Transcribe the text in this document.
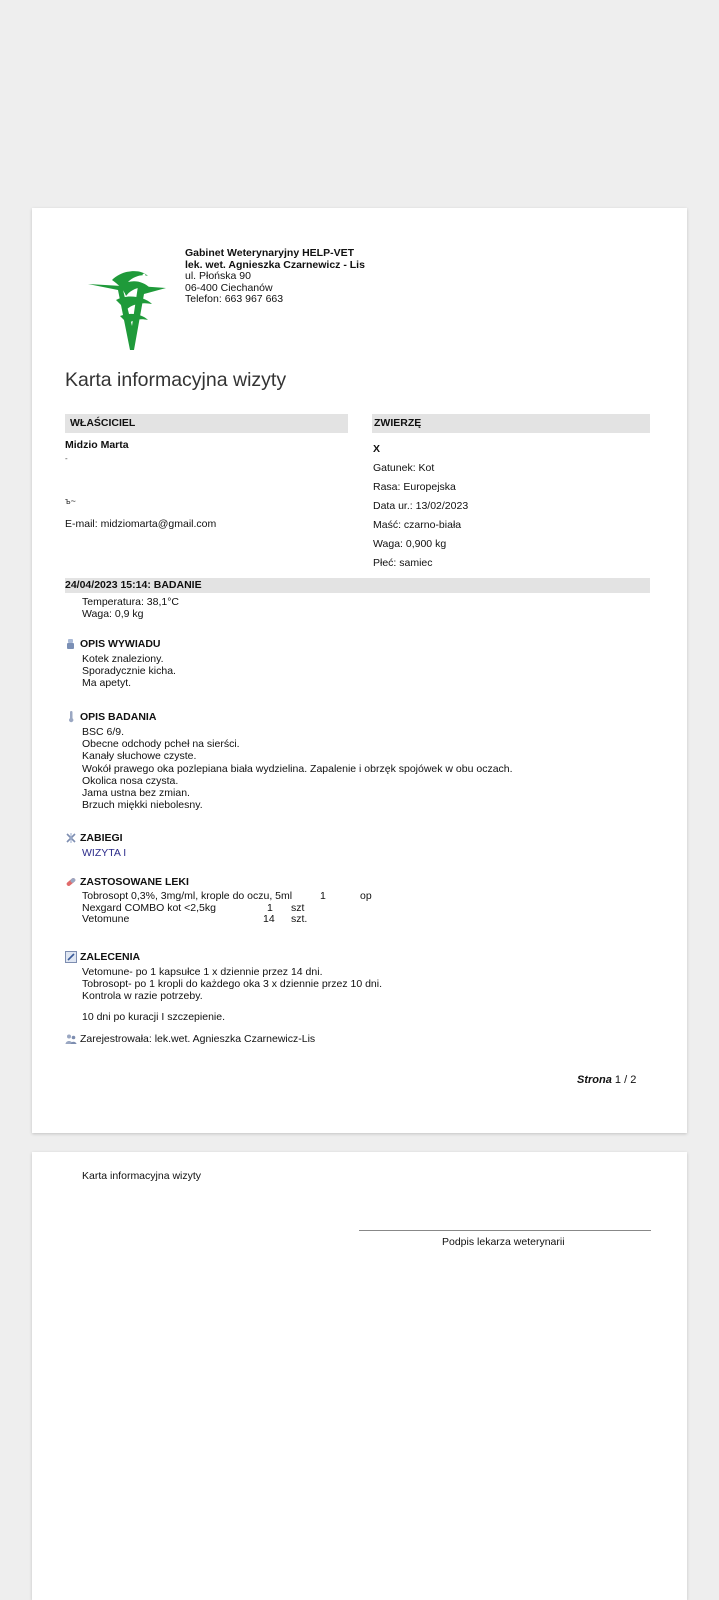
Gabinet Weterynaryjny HELP-VET
lek. wet. Agnieszka Czarnewicz - Lis
ul. Płońska 90
06-400 Ciechanów
Telefon: 663 967 663
Karta informacyjna wizyty
WŁAŚCICIEL	ZWIERZĘ
Midzio Marta
-
ъ~
E-mail: midziomarta@gmail.com
X
Gatunek: Kot
Rasa: Europejska
Data ur.: 13/02/2023
Maść: czarno-biała
Waga: 0,900 kg
Płeć: samiec
24/04/2023 15:14: BADANIE
Temperatura: 38,1°C
Waga: 0,9 kg
OPIS WYWIADU
Kotek znaleziony.
Sporadycznie kicha.
Ma apetyt.
OPIS BADANIA
BSC 6/9.
Obecne odchody pcheł na sierści.
Kanały słuchowe czyste.
Wokół prawego oka pozlepiana biała wydzielina. Zapalenie i obrzęk spojówek w obu oczach.
Okolica nosa czysta.
Jama ustna bez zmian.
Brzuch miękki niebolesny.
ZABIEGI
WIZYTA I
ZASTOSOWANE LEKI
Tobrosopt 0,3%, 3mg/ml, krople do oczu, 5ml	1	op
Nexgard COMBO kot <2,5kg	1 szt
Vetomune	14 szt.
ZALECENIA
Vetomune- po 1 kapsułce 1 x dziennie przez 14 dni.
Tobrosopt- po 1 kropli do każdego oka 3 x dziennie przez 10 dni.
Kontrola w razie potrzeby.
10 dni po kuracji I szczepienie.
Zarejestrowała: lek.wet. Agnieszka Czarnewicz-Lis
Strona 1 / 2
Karta informacyjna wizyty
Podpis lekarza weterynarii
